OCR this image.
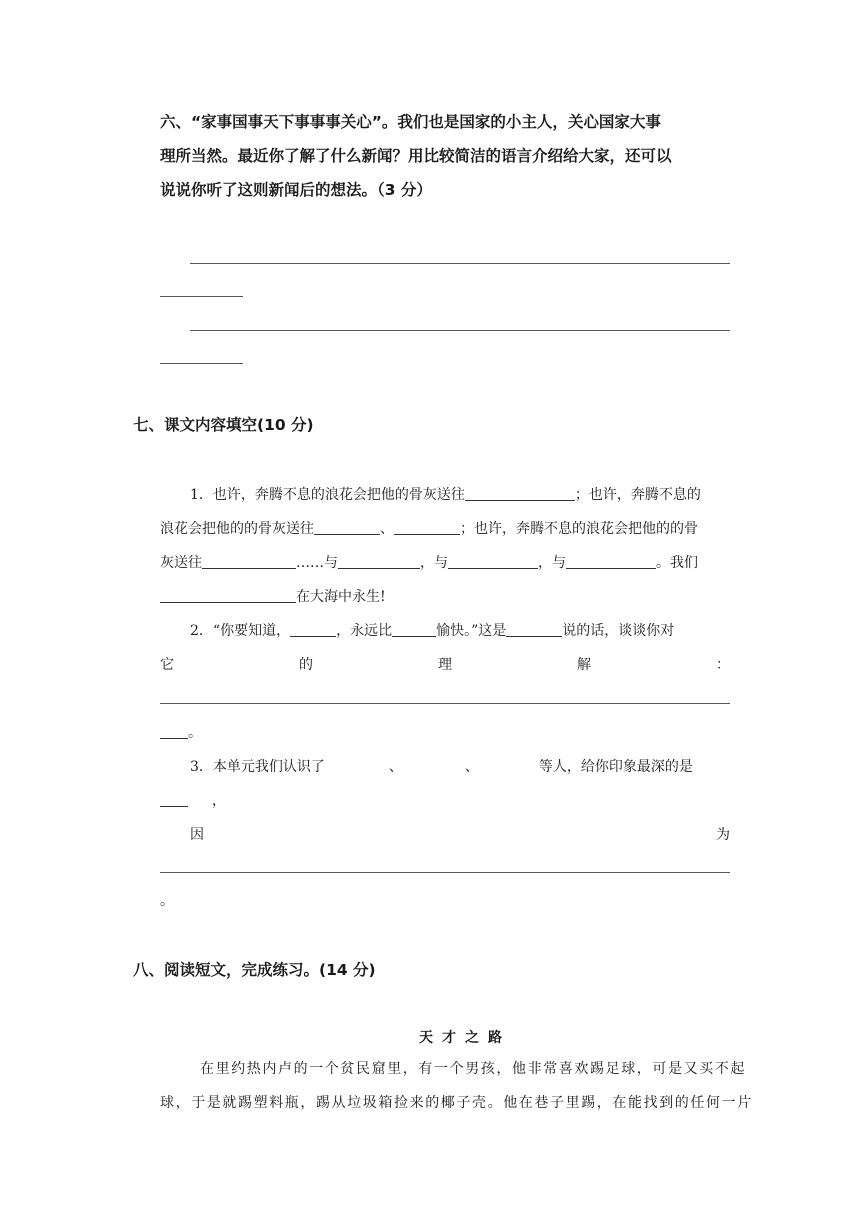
六、“家事国事天下事事事关心”。我们也是国家的小主人，关心国家大事
理所当然。最近你了解了什么新闻？用比较简洁的语言介绍给大家，还可以
说说你听了这则新闻后的想法。（3 分）
七、课文内容填空(10 分)
1．也许，奔腾不息的浪花会把他的骨灰送往	；也许，奔腾不息的
浪花会把他的的骨灰送往	、	；也许，奔腾不息的浪花会把他的的骨
灰送往	……与	，与	，与	。我们
在大海中永生!
2．“你要知道，	，永远比	愉快。”这是	说的话，谈谈你对
它	的	理	解	：
。
3．本单元我们认识了	、	、	等人，给你印象最深的是
，
因	为
。
八、阅读短文，完成练习。(14 分)
天才之路
在里约热内卢的一个贫民窟里，有一个男孩，他非常喜欢踢足球，可是又买不起
球，于是就踢塑料瓶，踢从垃圾箱捡来的椰子壳。他在巷子里踢，在能找到的任何一片
